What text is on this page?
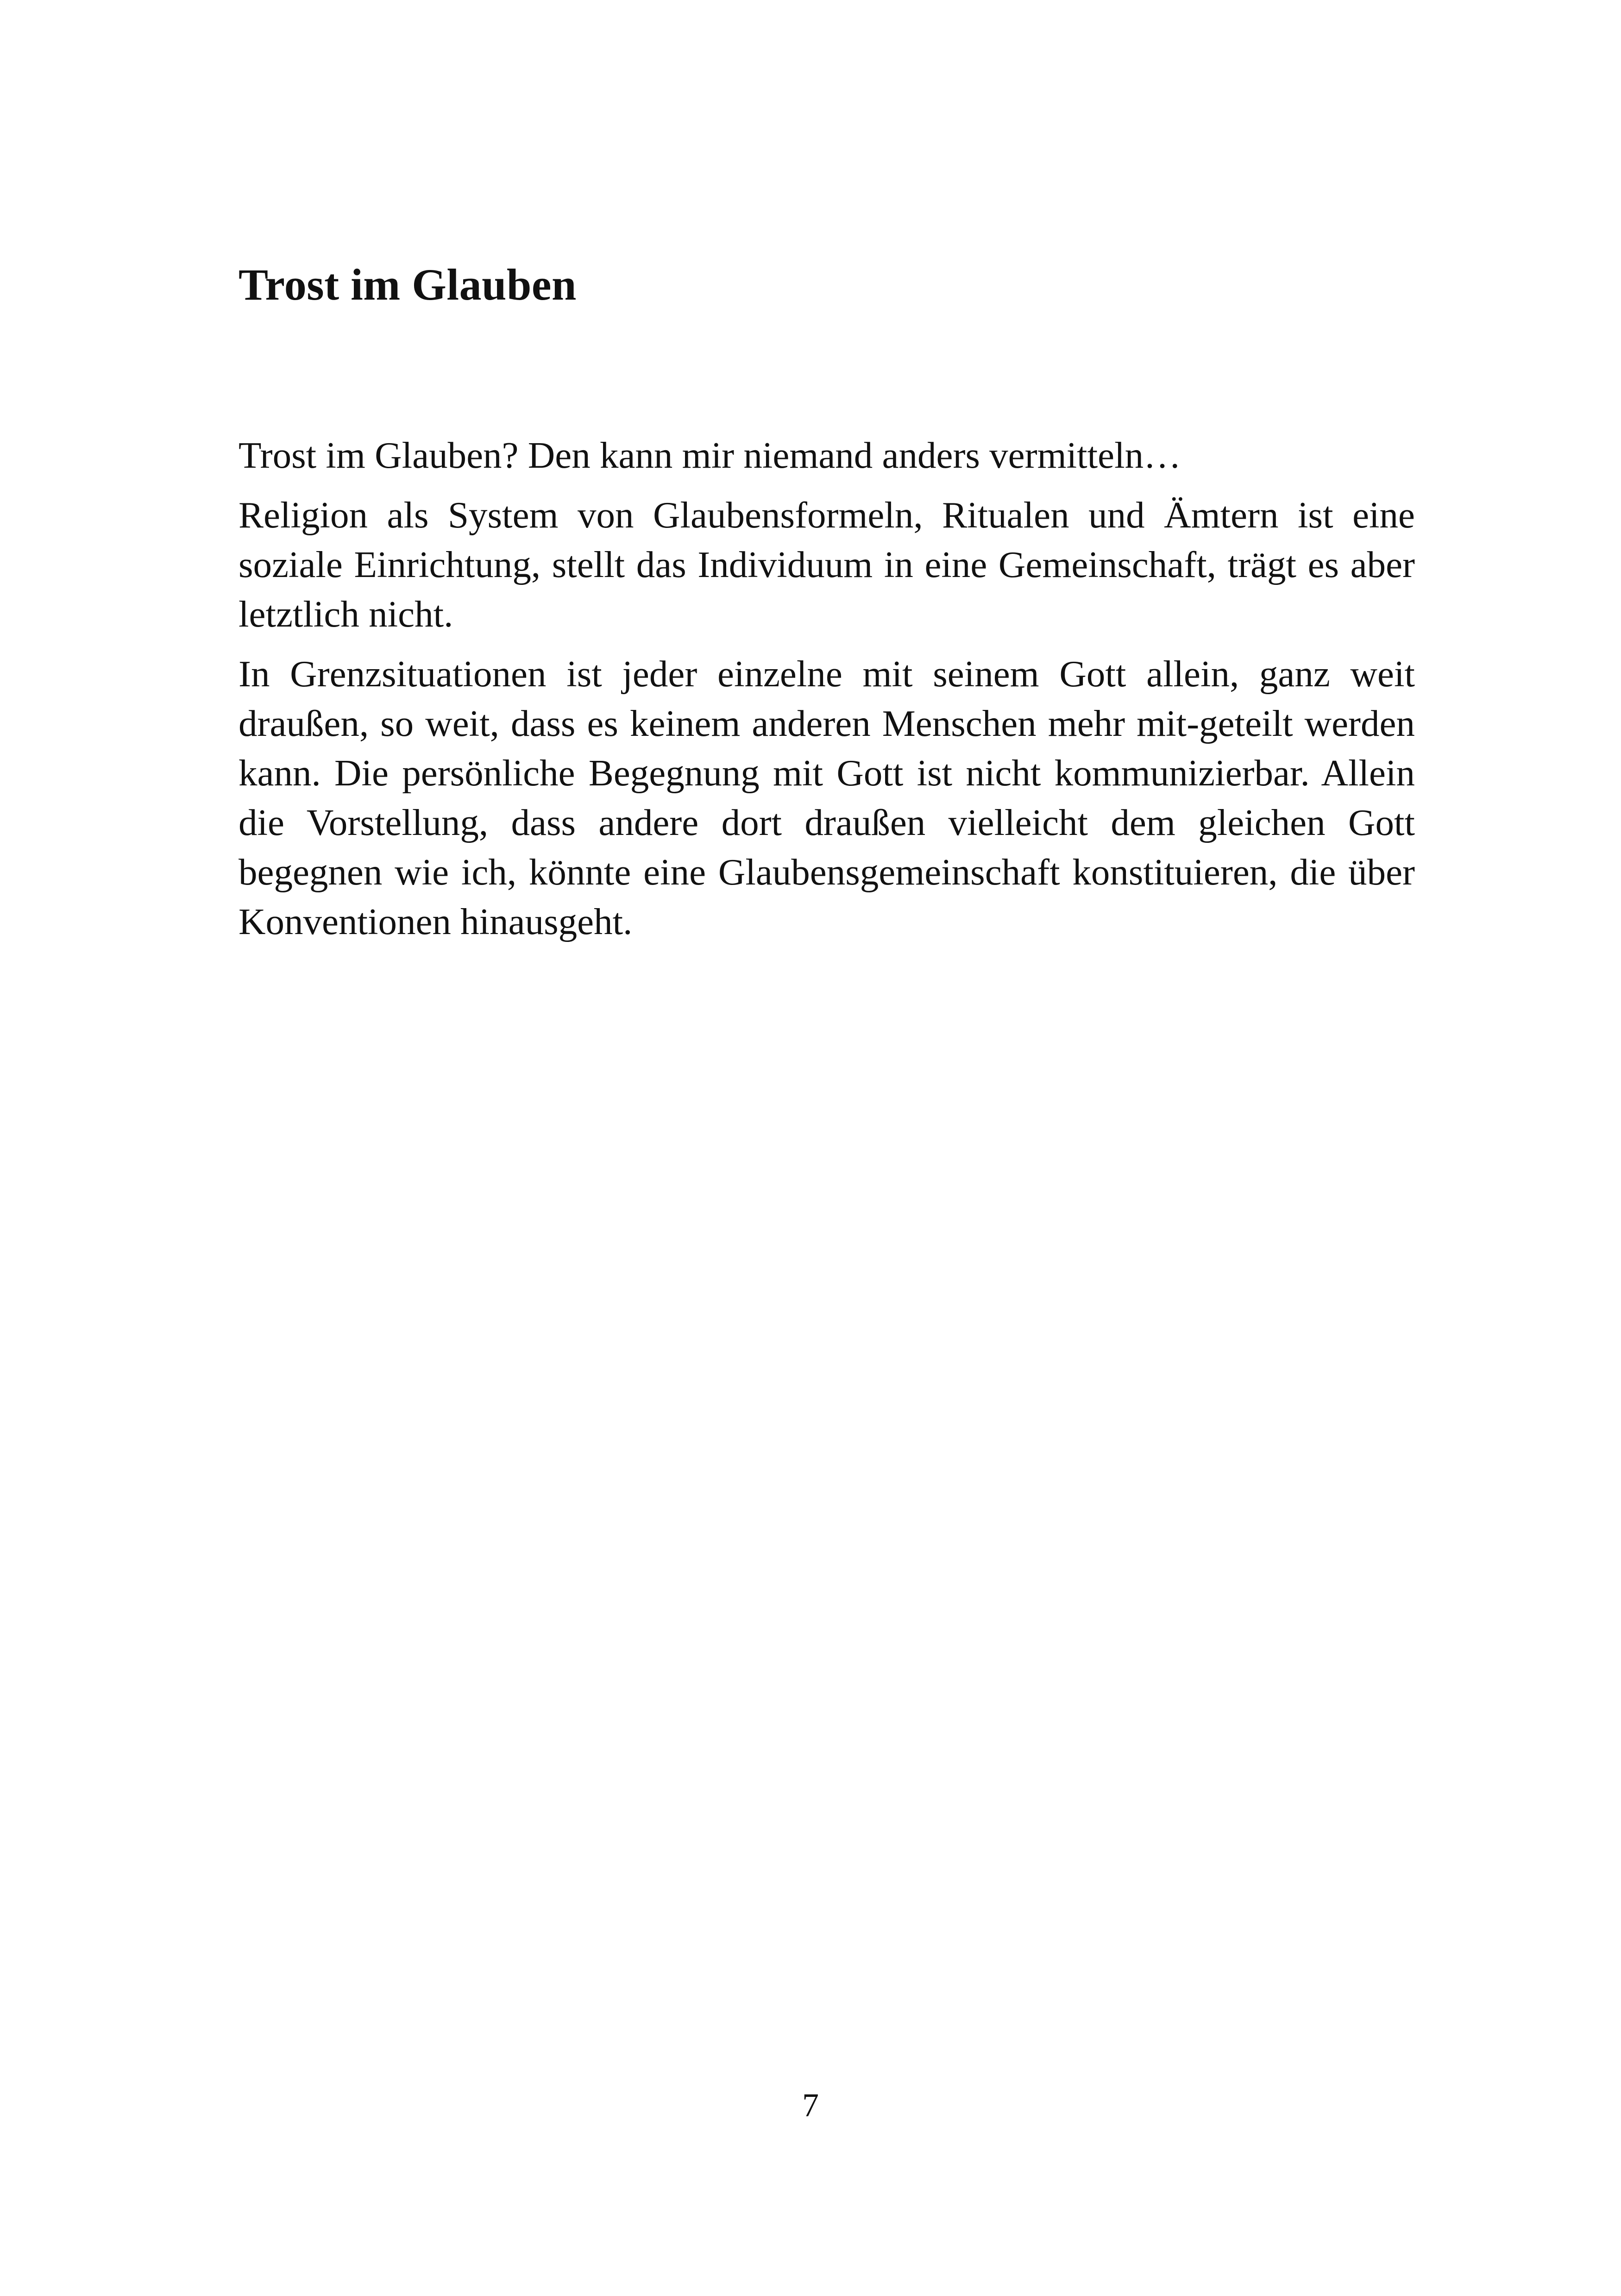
Trost im Glauben

Trost im Glauben? Den kann mir niemand anders vermitteln…

Religion als System von Glaubensformeln, Ritualen und Ämtern ist eine soziale Einrichtung, stellt das Individuum in eine Gemeinschaft, trägt es aber letztlich nicht.

In Grenzsituationen ist jeder einzelne mit seinem Gott allein, ganz weit draußen, so weit, dass es keinem anderen Menschen mehr mit-geteilt werden kann. Die persönliche Begegnung mit Gott ist nicht kommunizierbar. Allein die Vorstellung, dass andere dort draußen vielleicht dem gleichen Gott begegnen wie ich, könnte eine Glaubensgemeinschaft konstituieren, die über Konventionen hinausgeht.

7
